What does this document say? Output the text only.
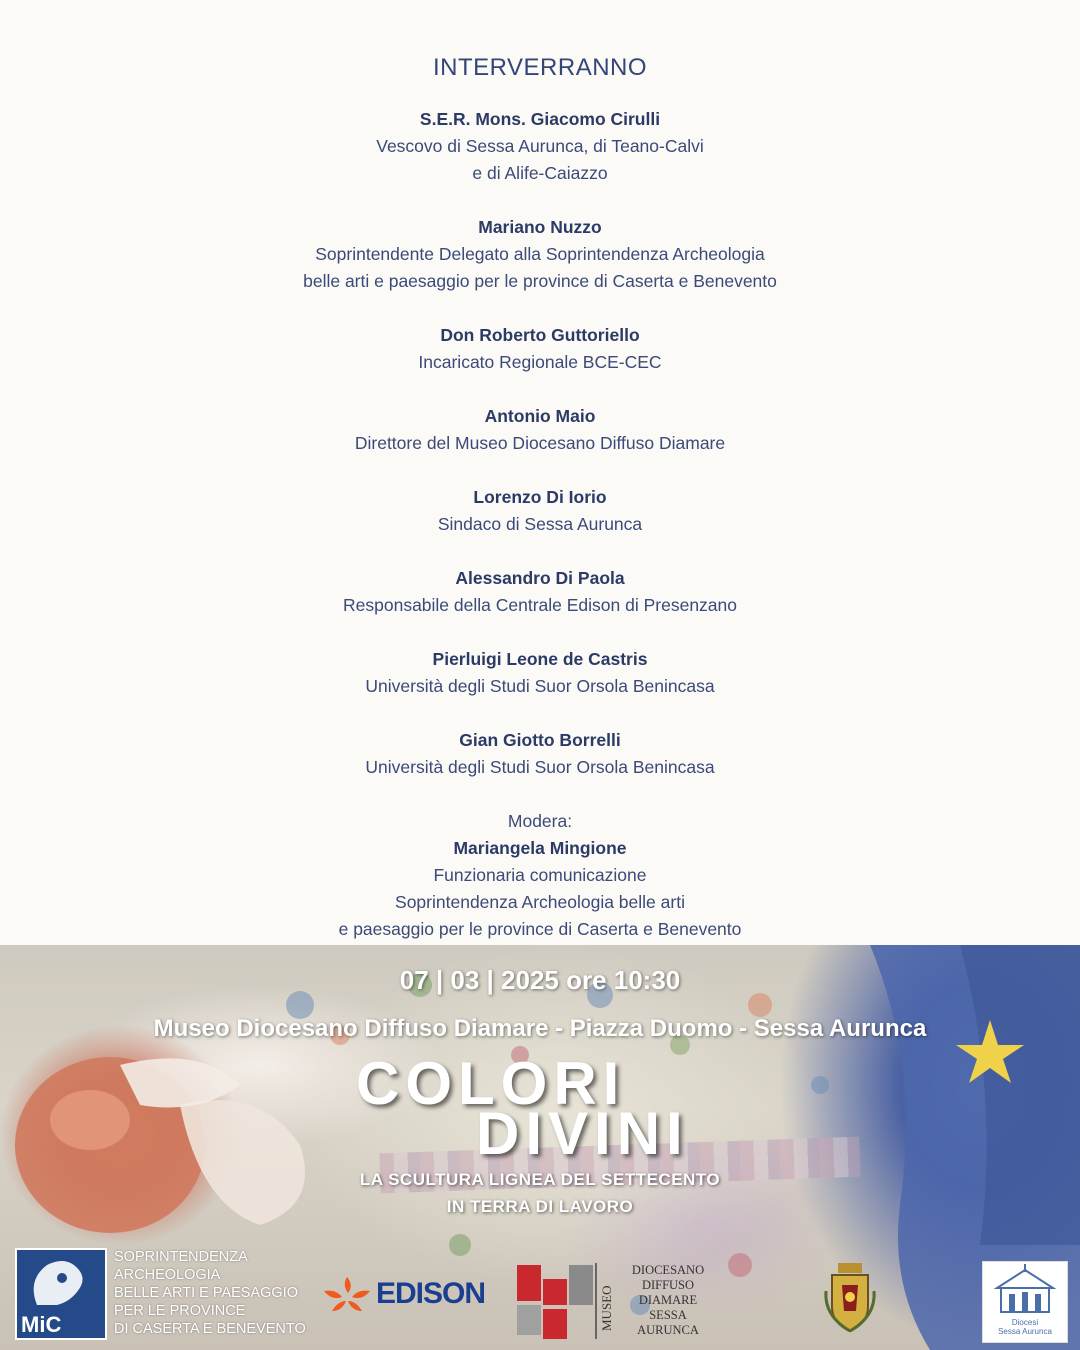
INTERVERRANNO
S.E.R. Mons. Giacomo Cirulli
Vescovo di Sessa Aurunca, di Teano-Calvi
e di Alife-Caiazzo
Mariano Nuzzo
Soprintendente Delegato alla Soprintendenza Archeologia
belle arti e paesaggio per le province di Caserta e Benevento
Don Roberto Guttoriello
Incaricato Regionale BCE-CEC
Antonio Maio
Direttore del Museo Diocesano Diffuso Diamare
Lorenzo Di Iorio
Sindaco di Sessa Aurunca
Alessandro Di Paola
Responsabile della Centrale Edison di Presenzano
Pierluigi Leone de Castris
Università degli Studi Suor Orsola Benincasa
Gian Giotto Borrelli
Università degli Studi Suor Orsola Benincasa
Modera:
Mariangela Mingione
Funzionaria comunicazione
Soprintendenza Archeologia belle arti
e paesaggio per le province di Caserta e Benevento
07 | 03 | 2025 ore 10:30
Museo Diocesano Diffuso Diamare - Piazza Duomo - Sessa Aurunca
COLORI
DIVINI
LA SCULTURA LIGNEA DEL SETTECENTO
IN TERRA DI LAVORO
MiC
SOPRINTENDENZA
ARCHEOLOGIA
BELLE ARTI E PAESAGGIO
PER LE PROVINCE
DI CASERTA E BENEVENTO
EDISON	MUSEO
DIOCESANO
DIFFUSO
DIAMARE
SESSA
AURUNCA
Diocesi
Sessa Aurunca
